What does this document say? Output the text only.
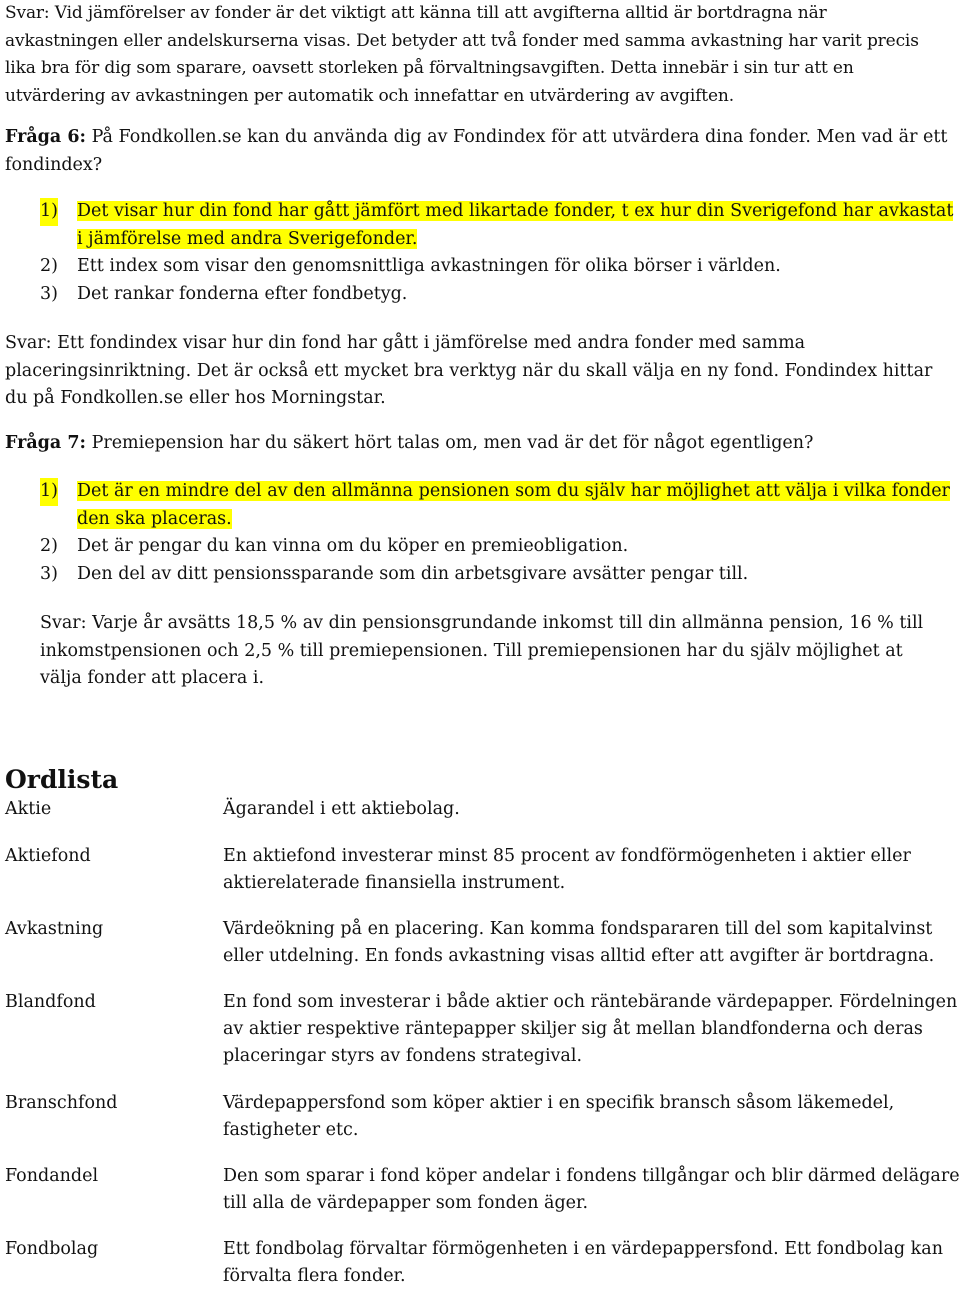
Svar: Vid jämförelser av fonder är det viktigt att känna till att avgifterna alltid är bortdragna när

avkastningen eller andelskurserna visas. Det betyder att två fonder med samma avkastning har varit precis

lika bra för dig som sparare, oavsett storleken på förvaltningsavgiften. Detta innebär i sin tur att en

utvärdering av avkastningen per automatik och innefattar en utvärdering av avgiften.

Fråga 6: På Fondkollen.se kan du använda dig av Fondindex för att utvärdera dina fonder. Men vad är ett fondindex?

1) Det visar hur din fond har gått jämfört med likartade fonder, t ex hur din Sverigefond har avkastat i jämförelse med andra Sverigefonder.
2) Ett index som visar den genomsnittliga avkastningen för olika börser i världen.
3) Det rankar fonderna efter fondbetyg.

Svar: Ett fondindex visar hur din fond har gått i jämförelse med andra fonder med samma placeringsinriktning. Det är också ett mycket bra verktyg när du skall välja en ny fond. Fondindex hittar du på Fondkollen.se eller hos Morningstar.

Fråga 7: Premiepension har du säkert hört talas om, men vad är det för något egentligen?

1) Det är en mindre del av den allmänna pensionen som du själv har möjlighet att välja i vilka fonder den ska placeras.
2) Det är pengar du kan vinna om du köper en premieobligation.
3) Den del av ditt pensionssparande som din arbetsgivare avsätter pengar till.

Svar: Varje år avsätts 18,5 % av din pensionsgrundande inkomst till din allmänna pension, 16 % till inkomstpensionen och 2,5 % till premiepensionen. Till premiepensionen har du själv möjlighet at välja fonder att placera i.

Ordlista
Aktie	Ägarandel i ett aktiebolag.
Aktiefond	En aktiefond investerar minst 85 procent av fondförmögenheten i aktier eller aktierelaterade finansiella instrument.
Avkastning	Värdeökning på en placering. Kan komma fondspararen till del som kapitalvinst eller utdelning. En fonds avkastning visas alltid efter att avgifter är bortdragna.
Blandfond	En fond som investerar i både aktier och räntebärande värdepapper. Fördelningen av aktier respektive räntepapper skiljer sig åt mellan blandfonderna och deras placeringar styrs av fondens strategival.
Branschfond	Värdepappersfond som köper aktier i en specifik bransch såsom läkemedel, fastigheter etc.
Fondandel	Den som sparar i fond köper andelar i fondens tillgångar och blir därmed delägare till alla de värdepapper som fonden äger.
Fondbolag	Ett fondbolag förvaltar förmögenheten i en värdepappersfond. Ett fondbolag kan förvalta flera fonder.
